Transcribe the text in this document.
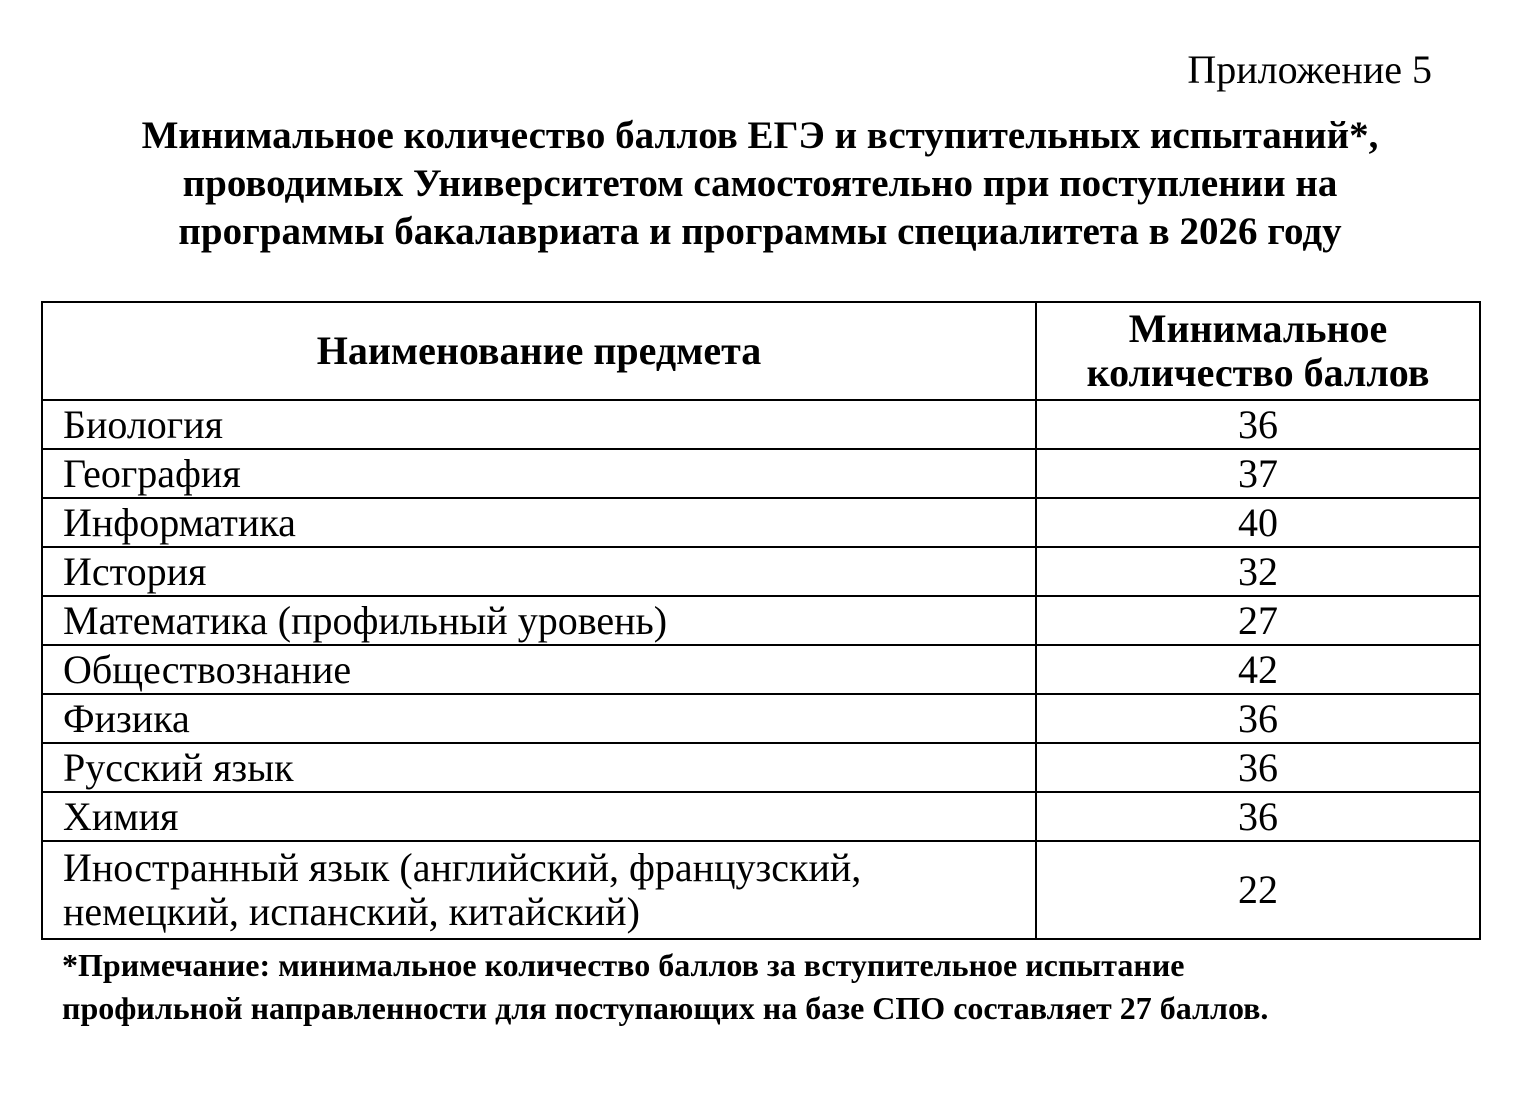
Приложение 5
Минимальное количество баллов ЕГЭ и вступительных испытаний*,
проводимых Университетом самостоятельно при поступлении на
программы бакалавриата и программы специалитета в 2026 году
Наименование предмета	Минимальное
количество баллов
Биология	36
География	37
Информатика	40
История	32
Математика (профильный уровень)	27
Обществознание	42
Физика	36
Русский язык	36
Химия	36
Иностранный язык (английский, французский,
немецкий, испанский, китайский)	22
*Примечание: минимальное количество баллов за вступительное испытание
профильной направленности для поступающих на базе СПО составляет 27 баллов.
